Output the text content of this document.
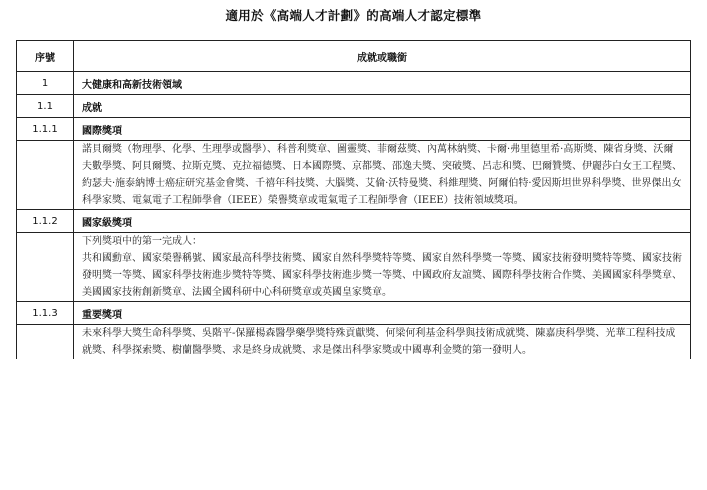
適用於《高端人才計劃》的高端人才認定標準
序號	成就或職銜
1	大健康和高新技術領域
1.1	成就
1.1.1	國際獎項

	諾貝爾獎（物理學、化學、生理學或醫學）、科普利獎章、圖靈獎、菲爾茲獎、內萬林納獎、卡爾·弗里德里希·高斯獎、陳省身獎、沃爾夫數學獎、阿貝爾獎、拉斯克獎、克拉福德獎、日本國際獎、京都獎、邵逸夫獎、突破獎、呂志和獎、巴爾贊獎、伊麗莎白女王工程獎、約瑟夫·施泰納博士癌症研究基金會獎、千禧年科技獎、大腦獎、艾倫·沃特曼獎、科維理獎、阿爾伯特·愛因斯坦世界科學獎、世界傑出女科學家獎、電氣電子工程師學會（IEEE）榮譽獎章或電氣電子工程師學會（IEEE）技術領域獎項。

1.1.2	國家級獎項

	下列獎項中的第一完成人：
共和國勳章、國家榮譽稱號、國家最高科學技術獎、國家自然科學獎特等獎、國家自然科學獎一等獎、國家技術發明獎特等獎、國家技術發明獎一等獎、國家科學技術進步獎特等獎、國家科學技術進步獎一等獎、中國政府友誼獎、國際科學技術合作獎、美國國家科學獎章、美國國家技術創新獎章、法國全國科研中心科研獎章或英國皇家獎章。

1.1.3	重要獎項

	未來科學大獎生命科學獎、吳階平-保羅楊森醫學藥學獎特殊貢獻獎、何梁何利基金科學與技術成就獎、陳嘉庚科學獎、光華工程科技成就獎、科學探索獎、樹蘭醫學獎、求是終身成就獎、求是傑出科學家獎或中國專利金獎的第一發明人。
